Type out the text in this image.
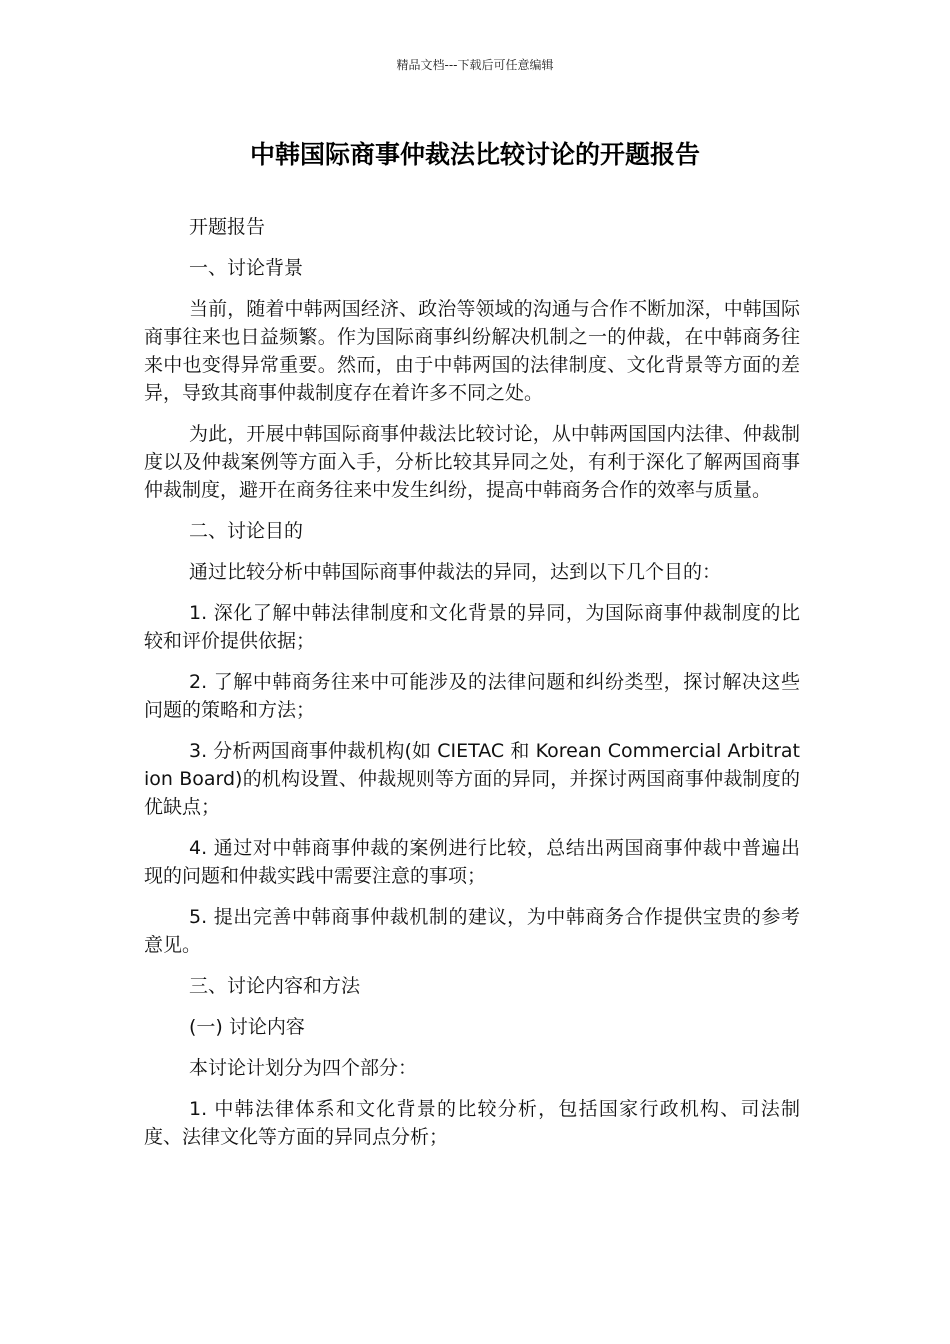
精品文档---下载后可任意编辑
中韩国际商事仲裁法比较讨论的开题报告

开题报告

一、讨论背景

当前，随着中韩两国经济、政治等领域的沟通与合作不断加深，中韩国际商事往来也日益频繁。作为国际商事纠纷解决机制之一的仲裁，在中韩商务往来中也变得异常重要。然而，由于中韩两国的法律制度、文化背景等方面的差异，导致其商事仲裁制度存在着许多不同之处。

为此，开展中韩国际商事仲裁法比较讨论，从中韩两国国内法律、仲裁制度以及仲裁案例等方面入手，分析比较其异同之处，有利于深化了解两国商事仲裁制度，避开在商务往来中发生纠纷，提高中韩商务合作的效率与质量。

二、讨论目的

通过比较分析中韩国际商事仲裁法的异同，达到以下几个目的：

1. 深化了解中韩法律制度和文化背景的异同，为国际商事仲裁制度的比较和评价提供依据；

2. 了解中韩商务往来中可能涉及的法律问题和纠纷类型，探讨解决这些问题的策略和方法；

3. 分析两国商事仲裁机构(如 CIETAC 和 Korean Commercial Arbitration Board)的机构设置、仲裁规则等方面的异同，并探讨两国商事仲裁制度的优缺点；

4. 通过对中韩商事仲裁的案例进行比较，总结出两国商事仲裁中普遍出现的问题和仲裁实践中需要注意的事项；

5. 提出完善中韩商事仲裁机制的建议，为中韩商务合作提供宝贵的参考意见。

三、讨论内容和方法

(一) 讨论内容

本讨论计划分为四个部分：

1. 中韩法律体系和文化背景的比较分析，包括国家行政机构、司法制度、法律文化等方面的异同点分析；
